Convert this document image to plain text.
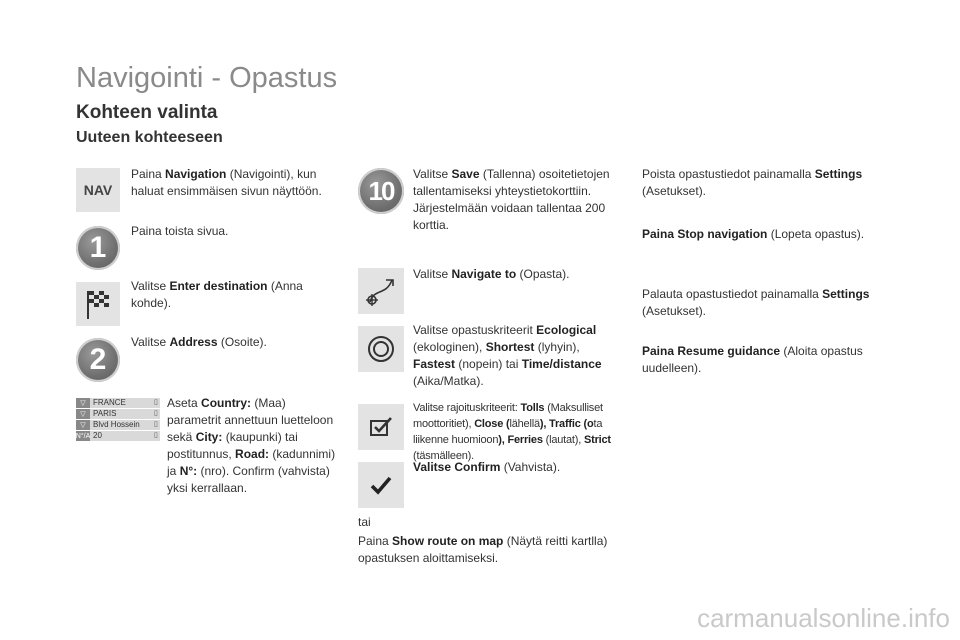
Navigointi - Opastus
Kohteen valinta
Uuteen kohteeseen
NAV
1
2
▽ FRANCE	▯
▽ PARIS	▯
▽ Blvd Hossein	▯
N°/A 20	▯
Paina Navigation (Navigointi), kun haluat ensimmäisen sivun näyttöön.
Paina toista sivua.
Valitse Enter destination (Anna kohde).
Valitse Address (Osoite).
Aseta Country: (Maa) parametrit annettuun luetteloon sekä City: (kaupunki) tai postitunnus, Road: (kadunnimi) ja N°: (nro). Confirm (vahvista) yksi kerrallaan.
10
Valitse Save (Tallenna) osoitetietojen tallentamiseksi yhteystietokorttiin. Järjestelmään voidaan tallentaa 200 korttia.
Valitse Navigate to (Opasta).
Valitse opastuskriteerit Ecological (ekologinen), Shortest (lyhyin), Fastest (nopein) tai Time/distance (Aika/Matka).
Valitse rajoituskriteerit: Tolls (Maksulliset moottoritiet), Close (lähellä), Traffic (ota liikenne huomioon), Ferries (lautat), Strict (täsmälleen).
Valitse Confirm (Vahvista).
tai
Paina Show route on map (Näytä reitti kartlla) opastuksen aloittamiseksi.
Poista opastustiedot painamalla Settings (Asetukset).
Paina Stop navigation (Lopeta opastus).
Palauta opastustiedot painamalla Settings (Asetukset).
Paina Resume guidance (Aloita opastus uudelleen).
carmanualsonline.info
